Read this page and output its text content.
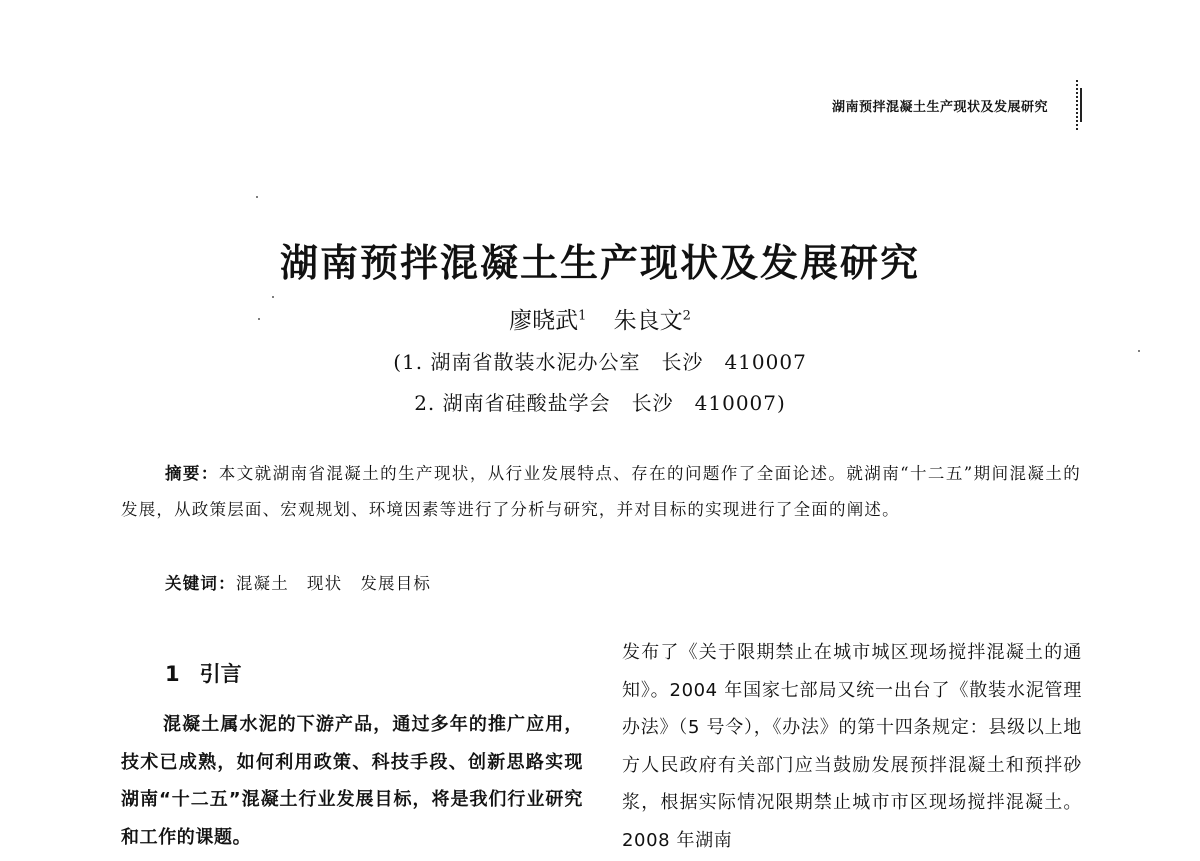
湖南预拌混凝土生产现状及发展研究
湖南预拌混凝土生产现状及发展研究
廖晓武$^1$ 朱良文$^2$
(1. 湖南省散装水泥办公室　长沙　410007
2. 湖南省硅酸盐学会　长沙　410007)
摘要：本文就湖南省混凝土的生产现状，从行业发展特点、存在的问题作了全面论述。就湖南“十二五”期间混凝土的发展，从政策层面、宏观规划、环境因素等进行了分析与研究，并对目标的实现进行了全面的阐述。
关键词：混凝土 现状 发展目标
1 引言
混凝土属水泥的下游产品，通过多年的推广应用，技术已成熟，如何利用政策、科技手段、创新思路实现湖南“十二五”混凝土行业发展目标，将是我们行业研究和工作的课题。
发布了《关于限期禁止在城市城区现场搅拌混凝土的通知》。2004 年国家七部局又统一出台了《散装水泥管理办法》（5 号令），《办法》的第十四条规定：县级以上地方人民政府有关部门应当鼓励发展预拌混凝土和预拌砂浆，根据实际情况限期禁止城市市区现场搅拌混凝土。2008 年湖南
